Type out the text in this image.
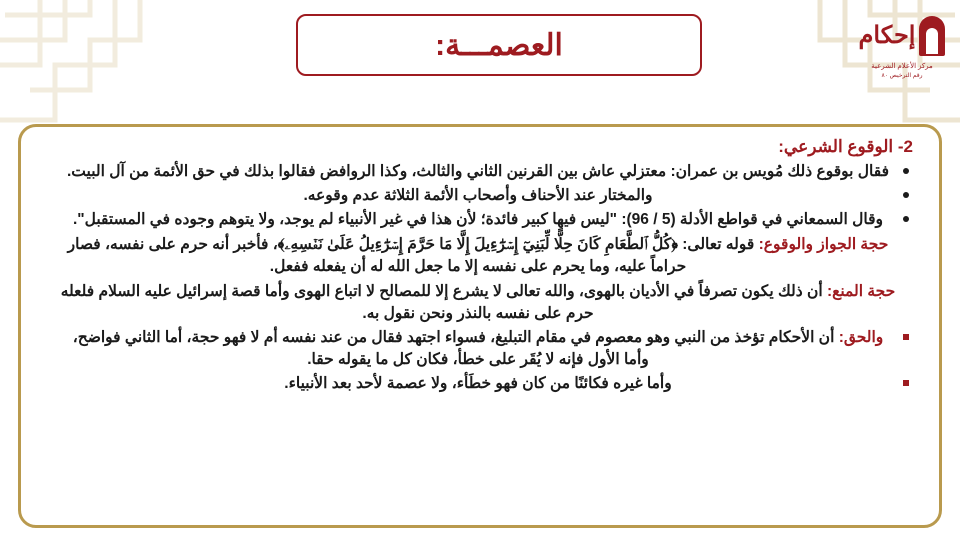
العصمـــة:	إحكام
مركز الأعلام الشرعية
رقم الترخيص ٨٠
2- الوقوع الشرعي:
فقال بوقوع ذلك مُويس بن عمران: معتزلي عاش بين القرنين الثاني والثالث، وكذا الروافض فقالوا بذلك في حق الأئمة من آل البيت.
والمختار عند الأحناف وأصحاب الأئمة الثلاثة عدم وقوعه.
وقال السمعاني في قواطع الأدلة (5 / 96): "ليس فيها كبير فائدة؛ لأن هذا في غير الأنبياء لم يوجد، ولا يتوهم وجوده في المستقبل".
حجة الجواز والوقوع: قوله تعالى: ﴿كُلُّ ٱلطَّعَامِ كَانَ حِلًّا لِّبَنِيٓ إِسۡرَٰٓءِيلَ إِلَّا مَا حَرَّمَ إِسۡرَٰٓءِيلُ عَلَىٰ نَفۡسِهِۦ﴾، فأخبر أنه حرم على نفسه، فصار حراماً عليه، وما يحرم على نفسه إلا ما جعل الله له أن يفعله ففعل.
حجة المنع: أن ذلك يكون تصرفاً في الأديان بالهوى، والله تعالى لا يشرع إلا للمصالح لا اتباع الهوى وأما قصة إسرائيل عليه السلام فلعله حرم على نفسه بالنذر ونحن نقول به.
والحق: أن الأحكام تؤخذ من النبي وهو معصوم في مقام التبليغ، فسواء اجتهد فقال من عند نفسه أم لا فهو حجة، أما الثاني فواضح، وأما الأول فإنه لا يُقَر على خطأ، فكان كل ما يقوله حقا.
وأما غيره فكائنًا من كان فهو خطَأء، ولا عصمة لأحد بعد الأنبياء.
